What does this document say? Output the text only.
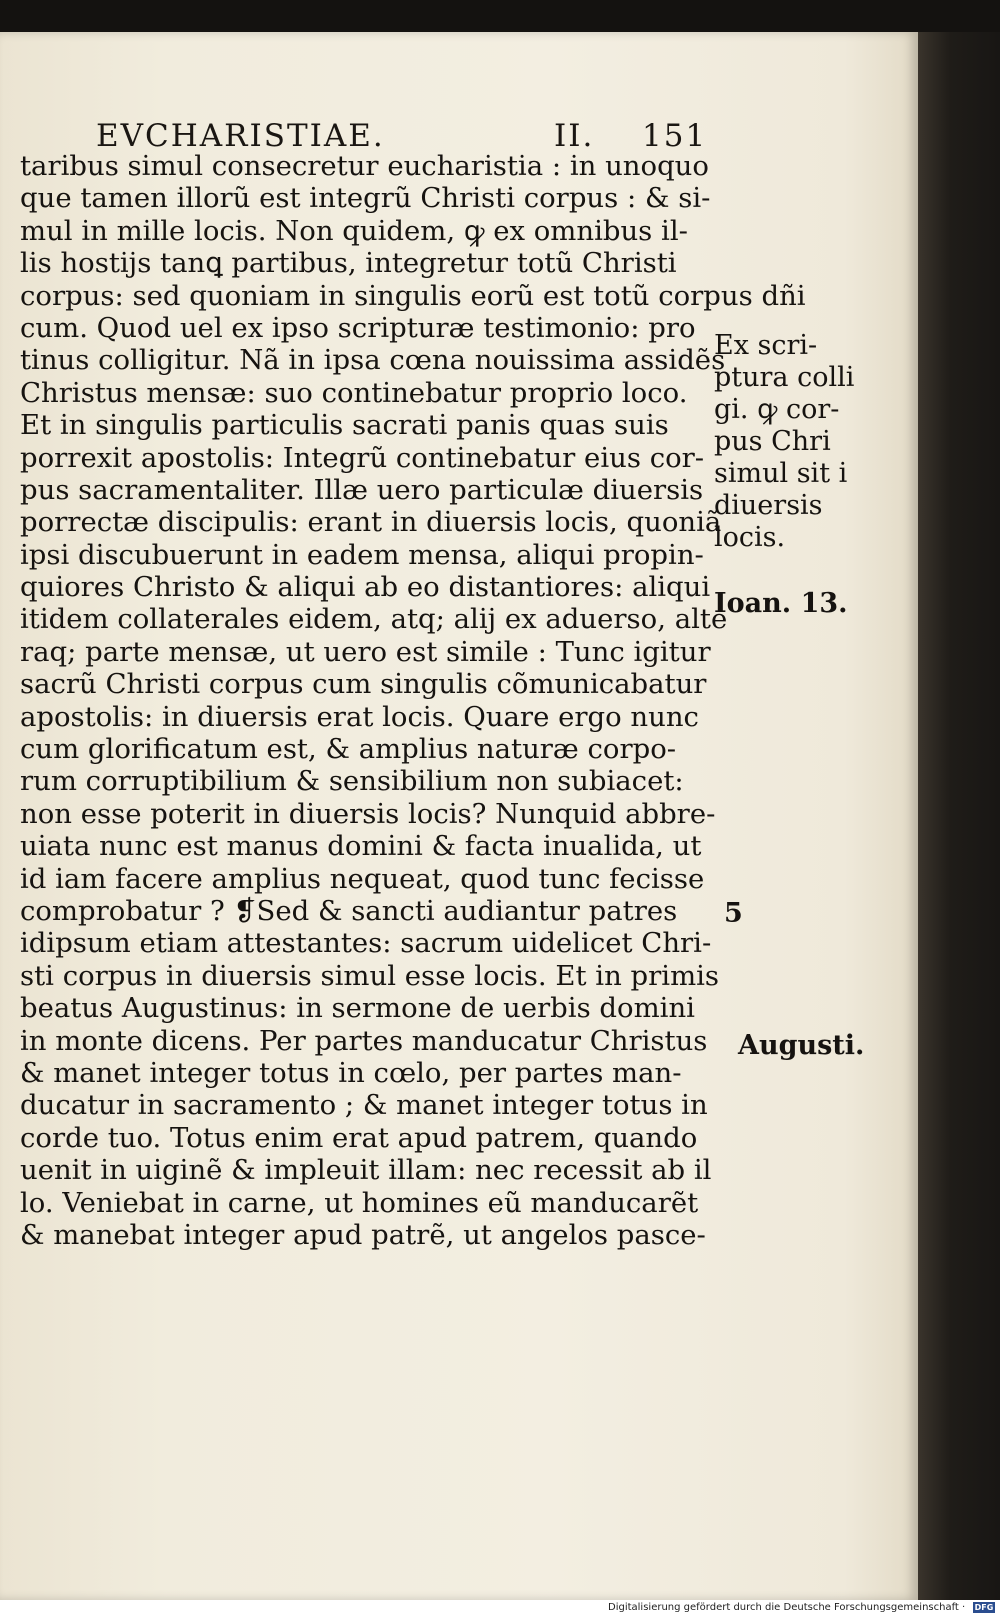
EVCHARISTIAE.	II. 151
taribus simul consecretur eucharistia : in unoquo
que tamen illorũ est integrũ Christi corpus : & si-
mul in mille locis. Non quidem, ꝙ ex omnibus il-
lis hostijs tanꝗ partibus, integretur totũ Christi
corpus: sed quoniam in singulis eorũ est totũ corpus dñi
cum. Quod uel ex ipso scripturæ testimonio: pro
tinus colligitur. Nã in ipsa cœna nouissima assidẽs
Christus mensæ: suo continebatur proprio loco.
Et in singulis particulis sacrati panis quas suis
porrexit apostolis: Integrũ continebatur eius cor-
pus sacramentaliter. Illæ uero particulæ diuersis
porrectæ discipulis: erant in diuersis locis, quoniã
ipsi discubuerunt in eadem mensa, aliqui propin-
quiores Christo & aliqui ab eo distantiores: aliqui
itidem collaterales eidem, atq; alij ex aduerso, alte
raq; parte mensæ, ut uero est simile : Tunc igitur
sacrũ Christi corpus cum singulis cõmunicabatur
apostolis: in diuersis erat locis. Quare ergo nunc
cum glorificatum est, & amplius naturæ corpo-
rum corruptibilium & sensibilium non subiacet:
non esse poterit in diuersis locis? Nunquid abbre-
uiata nunc est manus domini & facta inualida, ut
id iam facere amplius nequeat, quod tunc fecisse
comprobatur ? ❡Sed & sancti audiantur patres
idipsum etiam attestantes: sacrum uidelicet Chri-
sti corpus in diuersis simul esse locis. Et in primis
beatus Augustinus: in sermone de uerbis domini
in monte dicens. Per partes manducatur Christus
& manet integer totus in cœlo, per partes man-
ducatur in sacramento ; & manet integer totus in
corde tuo. Totus enim erat apud patrem, quando
uenit in uiginẽ & impleuit illam: nec recessit ab il
lo. Veniebat in carne, ut homines eũ manducarẽt
& manebat integer apud patrẽ, ut angelos pasce-
Ex scri-
ptura colli
gi. ꝙ cor-
pus Chri
simul sit i
diuersis
locis.
Ioan. 13.
5
Augusti.
Digitalisierung gefördert durch die Deutsche Forschungsgemeinschaft · DFG
